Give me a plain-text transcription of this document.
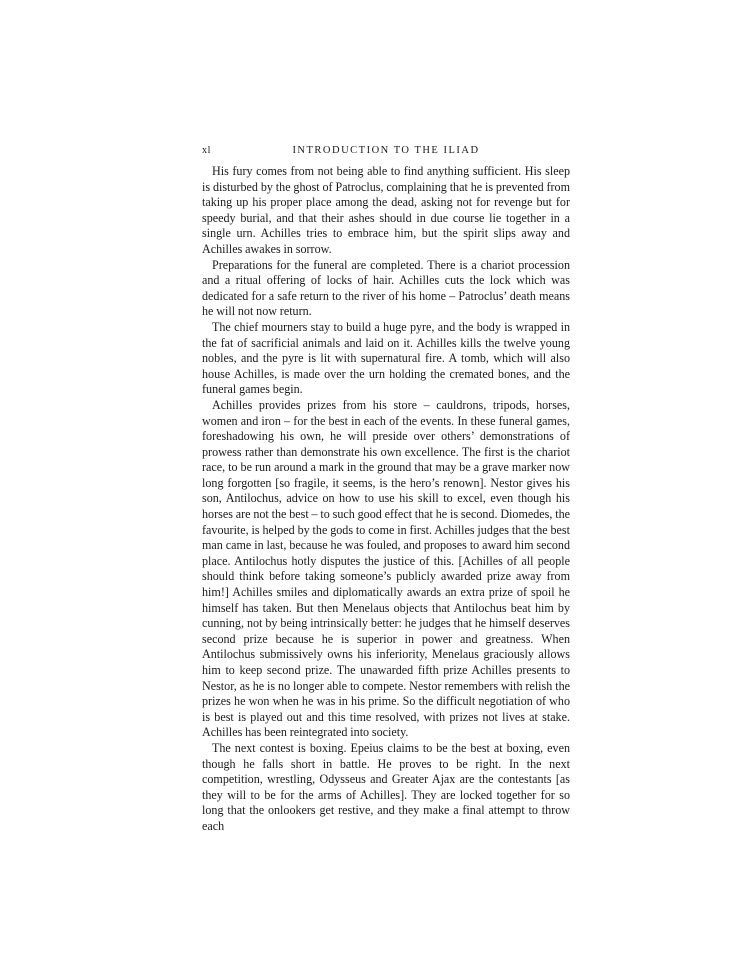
xl	INTRODUCTION TO THE ILIAD

His fury comes from not being able to find anything sufficient. His sleep is disturbed by the ghost of Patroclus, complaining that he is prevented from taking up his proper place among the dead, asking not for revenge but for speedy burial, and that their ashes should in due course lie together in a single urn. Achilles tries to embrace him, but the spirit slips away and Achilles awakes in sorrow.

Preparations for the funeral are completed. There is a chariot procession and a ritual offering of locks of hair. Achilles cuts the lock which was dedicated for a safe return to the river of his home – Patroclus’ death means he will not now return.

The chief mourners stay to build a huge pyre, and the body is wrapped in the fat of sacrificial animals and laid on it. Achilles kills the twelve young nobles, and the pyre is lit with supernatural fire. A tomb, which will also house Achilles, is made over the urn holding the cremated bones, and the funeral games begin.

Achilles provides prizes from his store – cauldrons, tripods, horses, women and iron – for the best in each of the events. In these funeral games, foreshadowing his own, he will preside over others’ demonstrations of prowess rather than demonstrate his own excellence. The first is the chariot race, to be run around a mark in the ground that may be a grave marker now long forgotten [so fragile, it seems, is the hero’s renown]. Nestor gives his son, Antilochus, advice on how to use his skill to excel, even though his horses are not the best – to such good effect that he is second. Diomedes, the favourite, is helped by the gods to come in first. Achilles judges that the best man came in last, because he was fouled, and proposes to award him second place. Antilochus hotly disputes the justice of this. [Achilles of all people should think before taking someone’s publicly awarded prize away from him!] Achilles smiles and diplomatically awards an extra prize of spoil he himself has taken. But then Menelaus objects that Antilochus beat him by cunning, not by being intrinsically better: he judges that he himself deserves second prize because he is superior in power and greatness. When Antilochus submissively owns his inferiority, Menelaus graciously allows him to keep second prize. The unawarded fifth prize Achilles presents to Nestor, as he is no longer able to compete. Nestor remembers with relish the prizes he won when he was in his prime. So the difficult negotiation of who is best is played out and this time resolved, with prizes not lives at stake. Achilles has been reintegrated into society.

The next contest is boxing. Epeius claims to be the best at boxing, even though he falls short in battle. He proves to be right. In the next competition, wrestling, Odysseus and Greater Ajax are the contestants [as they will to be for the arms of Achilles]. They are locked together for so long that the onlookers get restive, and they make a final attempt to throw each
